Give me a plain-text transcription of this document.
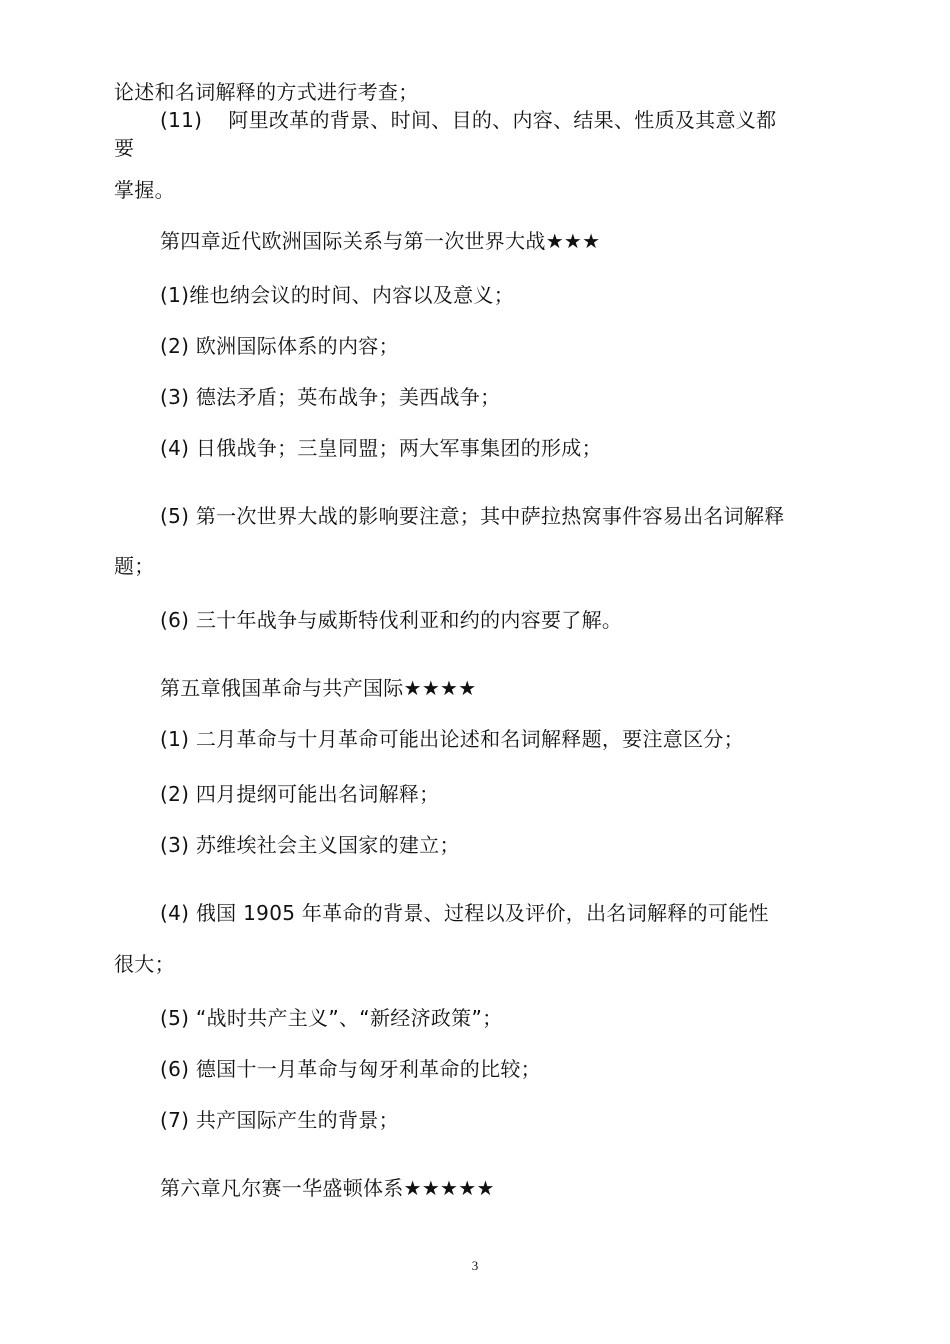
论述和名词解释的方式进行考查；
(11) 阿里改革的背景、时间、目的、内容、结果、性质及其意义都
要
掌握。
第四章近代欧洲国际关系与第一次世界大战★★★
(1)维也纳会议的时间、内容以及意义；
(2) 欧洲国际体系的内容；
(3) 德法矛盾；英布战争；美西战争；
(4) 日俄战争；三皇同盟；两大军事集团的形成；
(5) 第一次世界大战的影响要注意；其中萨拉热窝事件容易出名词解释
题；
(6) 三十年战争与威斯特伐利亚和约的内容要了解。
第五章俄国革命与共产国际★★★★
(1) 二月革命与十月革命可能出论述和名词解释题，要注意区分；
(2) 四月提纲可能出名词解释；
(3) 苏维埃社会主义国家的建立；
(4) 俄国 1905 年革命的背景、过程以及评价，出名词解释的可能性
很大；
(5) “战时共产主义”、“新经济政策”；
(6) 德国十一月革命与匈牙利革命的比较；
(7) 共产国际产生的背景；
第六章凡尔赛一华盛顿体系★★★★★
3
